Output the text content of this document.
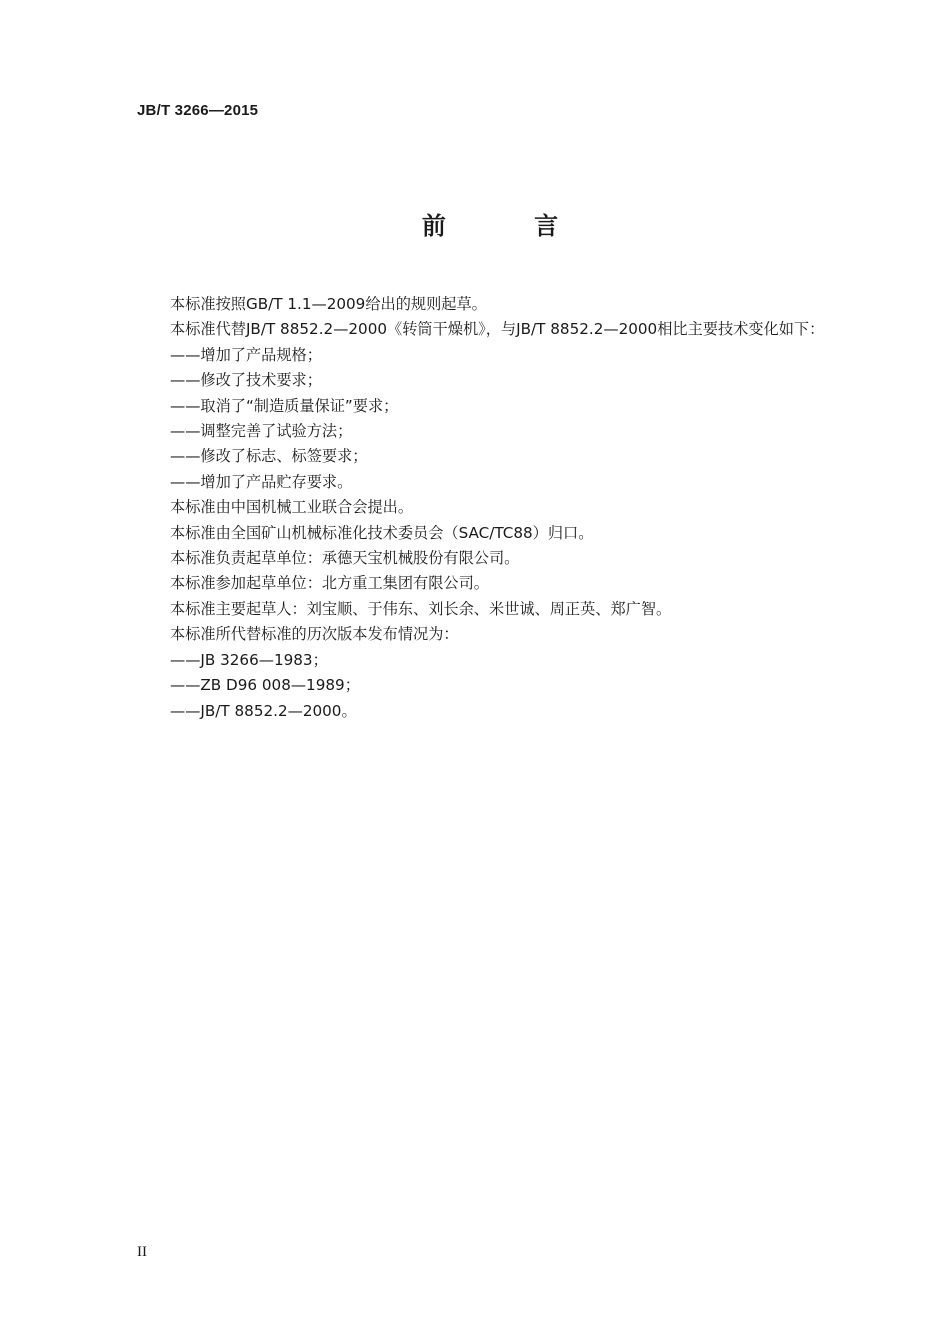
JB/T 3266—2015
前 言
本标准按照GB/T 1.1—2009给出的规则起草。
本标准代替JB/T 8852.2—2000《转筒干燥机》，与JB/T 8852.2—2000相比主要技术变化如下：
——增加了产品规格；
——修改了技术要求；
——取消了“制造质量保证”要求；
——调整完善了试验方法；
——修改了标志、标签要求；
——增加了产品贮存要求。
本标准由中国机械工业联合会提出。
本标准由全国矿山机械标准化技术委员会（SAC/TC88）归口。
本标准负责起草单位：承德天宝机械股份有限公司。
本标准参加起草单位：北方重工集团有限公司。
本标准主要起草人：刘宝顺、于伟东、刘长余、米世诚、周正英、郑广智。
本标准所代替标准的历次版本发布情况为：
——JB 3266—1983；
——ZB D96 008—1989；
——JB/T 8852.2—2000。
II
